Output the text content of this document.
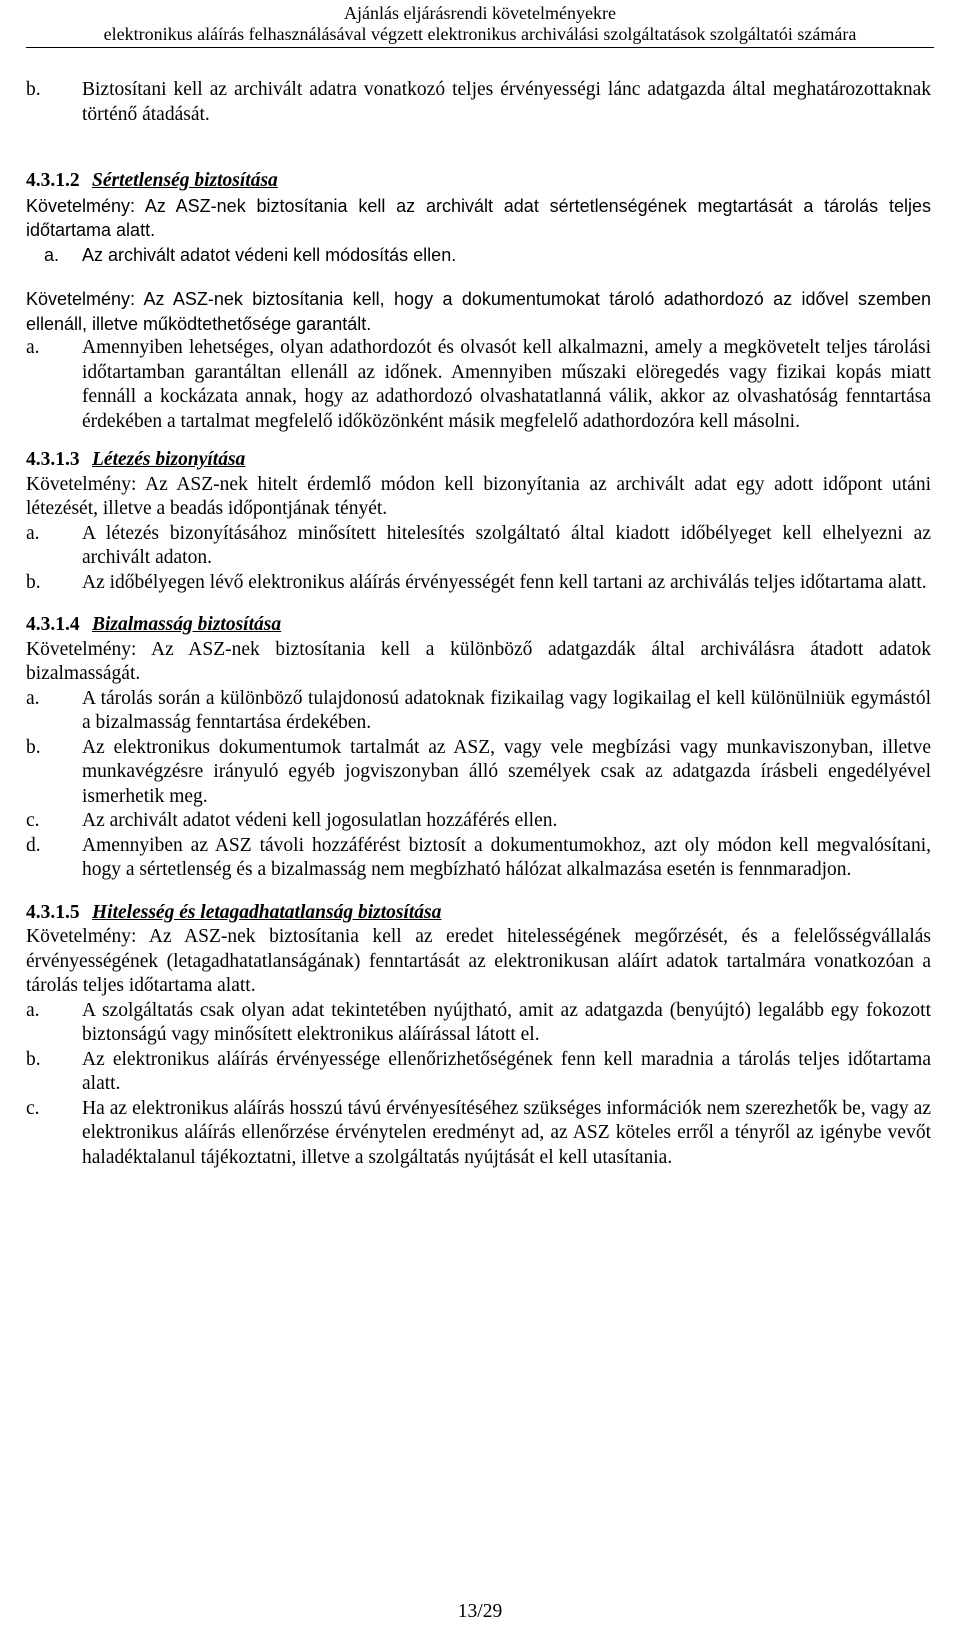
Ajánlás eljárásrendi követelményekre

elektronikus aláírás felhasználásával végzett elektronikus archiválási szolgáltatások szolgáltatói számára
b. Biztosítani kell az archivált adatra vonatkozó teljes érvényességi lánc adatgazda által meghatározottaknak történő átadását.
4.3.1.2 Sértetlenség biztosítása
Követelmény: Az ASZ-nek biztosítania kell az archivált adat sértetlenségének megtartását a tárolás teljes időtartama alatt.
a. Az archivált adatot védeni kell módosítás ellen.
Követelmény: Az ASZ-nek biztosítania kell, hogy a dokumentumokat tároló adathordozó az idővel szemben ellenáll, illetve működtethetősége garantált.
a. Amennyiben lehetséges, olyan adathordozót és olvasót kell alkalmazni, amely a megkövetelt teljes tárolási időtartamban garantáltan ellenáll az időnek. Amennyiben műszaki elöregedés vagy fizikai kopás miatt fennáll a kockázata annak, hogy az adathordozó olvashatatlanná válik, akkor az olvashatóság fenntartása érdekében a tartalmat megfelelő időközönként másik megfelelő adathordozóra kell másolni.
4.3.1.3 Létezés bizonyítása
Követelmény: Az ASZ-nek hitelt érdemlő módon kell bizonyítania az archivált adat egy adott időpont utáni létezését, illetve a beadás időpontjának tényét.
a. A létezés bizonyításához minősített hitelesítés szolgáltató által kiadott időbélyeget kell elhelyezni az archivált adaton.
b. Az időbélyegen lévő elektronikus aláírás érvényességét fenn kell tartani az archiválás teljes időtartama alatt.
4.3.1.4 Bizalmasság biztosítása
Követelmény: Az ASZ-nek biztosítania kell a különböző adatgazdák által archiválásra átadott adatok bizalmasságát.
a. A tárolás során a különböző tulajdonosú adatoknak fizikailag vagy logikailag el kell különülniük egymástól a bizalmasság fenntartása érdekében.
b. Az elektronikus dokumentumok tartalmát az ASZ, vagy vele megbízási vagy munkaviszonyban, illetve munkavégzésre irányuló egyéb jogviszonyban álló személyek csak az adatgazda írásbeli engedélyével ismerhetik meg.
c. Az archivált adatot védeni kell jogosulatlan hozzáférés ellen.
d. Amennyiben az ASZ távoli hozzáférést biztosít a dokumentumokhoz, azt oly módon kell megvalósítani, hogy a sértetlenség és a bizalmasság nem megbízható hálózat alkalmazása esetén is fennmaradjon.
4.3.1.5 Hitelesség és letagadhatatlanság biztosítása
Követelmény: Az ASZ-nek biztosítania kell az eredet hitelességének megőrzését, és a felelősségvállalás érvényességének (letagadhatatlanságának) fenntartását az elektronikusan aláírt adatok tartalmára vonatkozóan a tárolás teljes időtartama alatt.
a. A szolgáltatás csak olyan adat tekintetében nyújtható, amit az adatgazda (benyújtó) legalább egy fokozott biztonságú vagy minősített elektronikus aláírással látott el.
b. Az elektronikus aláírás érvényessége ellenőrizhetőségének fenn kell maradnia a tárolás teljes időtartama alatt.
c. Ha az elektronikus aláírás hosszú távú érvényesítéséhez szükséges információk nem szerezhetők be, vagy az elektronikus aláírás ellenőrzése érvénytelen eredményt ad, az ASZ köteles erről a tényről az igénybe vevőt haladéktalanul tájékoztatni, illetve a szolgáltatás nyújtását el kell utasítania.
13/29
